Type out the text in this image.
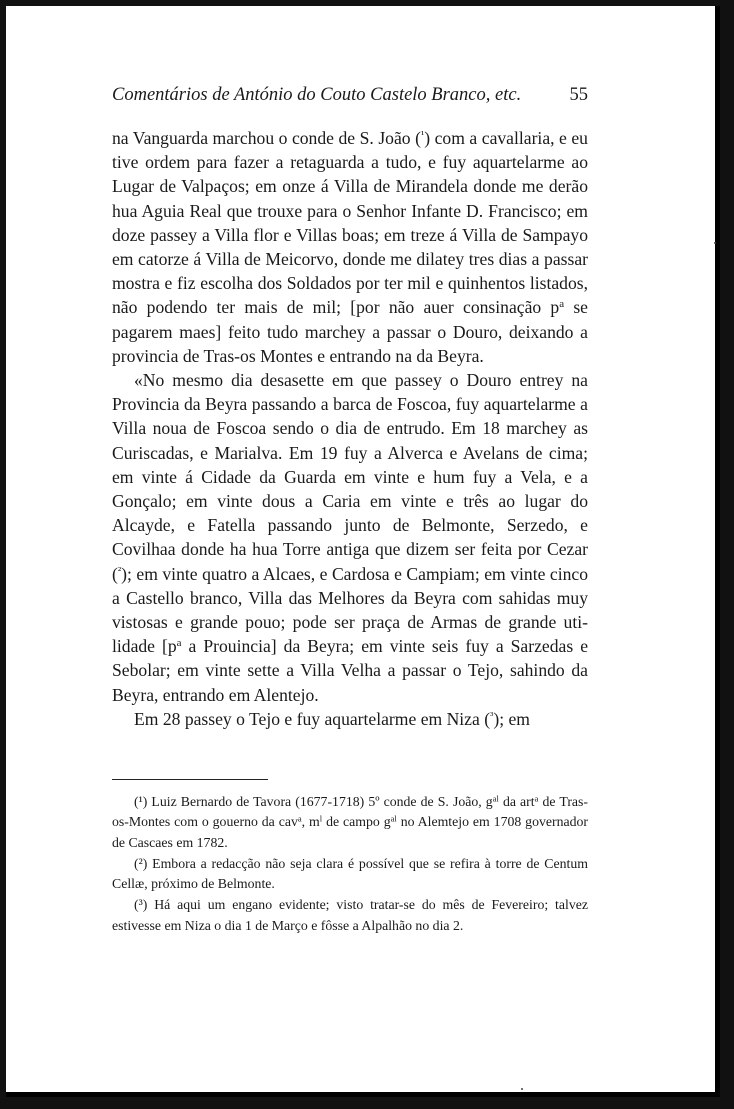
Comentários de António do Couto Castelo Branco, etc.	55

na Vanguarda marchou o conde de S. João ($^{^1}$) com a cavallaria, e eu tive ordem para fazer a retaguarda a tudo, e fuy aquartelarme ao Lugar de Valpaços; em onze á Villa de Mirandela donde me derão hua Aguia Real que trouxe para o Senhor Infante D. Francisco; em doze passey a Villa flor e Villas boas; em treze á Villa de Sampayo em catorze á Villa de Meicorvo, donde me dilatey tres dias a passar mostra e fiz escolha dos Soldados por ter mil e quinhentos listados, não podendo ter mais de mil; [por não auer consinação $p^a$ se pagarem maes] feito tudo marchey a passar o Douro, deixando a provincia de Tras-os Montes e entrando na da Beyra.

«No mesmo dia desasette em que passey o Douro entrey na Provincia da Beyra passando a barca de Foscoa, fuy aquartelarme a Villa noua de Foscoa sendo o dia de entrudo. Em 18 marchey as Curiscadas, e Marialva. Em 19 fuy a Alverca e Avelans de cima; em vinte á Cidade da Guarda em vinte e hum fuy a Vela, e a Gonçalo; em vinte dous a Caria em vinte e três ao lugar do Alcayde, e Fatella passando junto de Belmonte, Serzedo, e Covilhaa donde ha hua Torre antiga que dizem ser feita por Cezar ($^{^2}$); em vinte quatro a Alcaes, e Cardosa e Campiam; em vinte cinco a Castello branco, Villa das Melhores da Beyra com sahidas muy vistosas e grande pouo; pode ser praça de Armas de grande utilidade [$p^a$ a Prouincia] da Beyra; em vinte seis fuy a Sarzedas e Sebolar; em vinte sette a Villa Velha a passar o Tejo, sahindo da Beyra, entrando em Alentejo.

Em 28 passey o Tejo e fuy aquartelarme em Niza ($^{^3}$); em

(¹) Luiz Bernardo de Tavora (1677-1718) 5º conde de S. João, $g^{al}$ da art$^a$ de Tras-os-Montes com o gouerno da cav$^a$, $m^l$ de campo $g^{al}$ no Alemtejo em 1708 governador de Cascaes em 1782.

(²) Embora a redacção não seja clara é possível que se refira à torre de Centum Cellæ, próximo de Belmonte.

(³) Há aqui um engano evidente; visto tratar-se do mês de Fevereiro; talvez estivesse em Niza o dia 1 de Março e fôsse a Alpalhão no dia 2.
